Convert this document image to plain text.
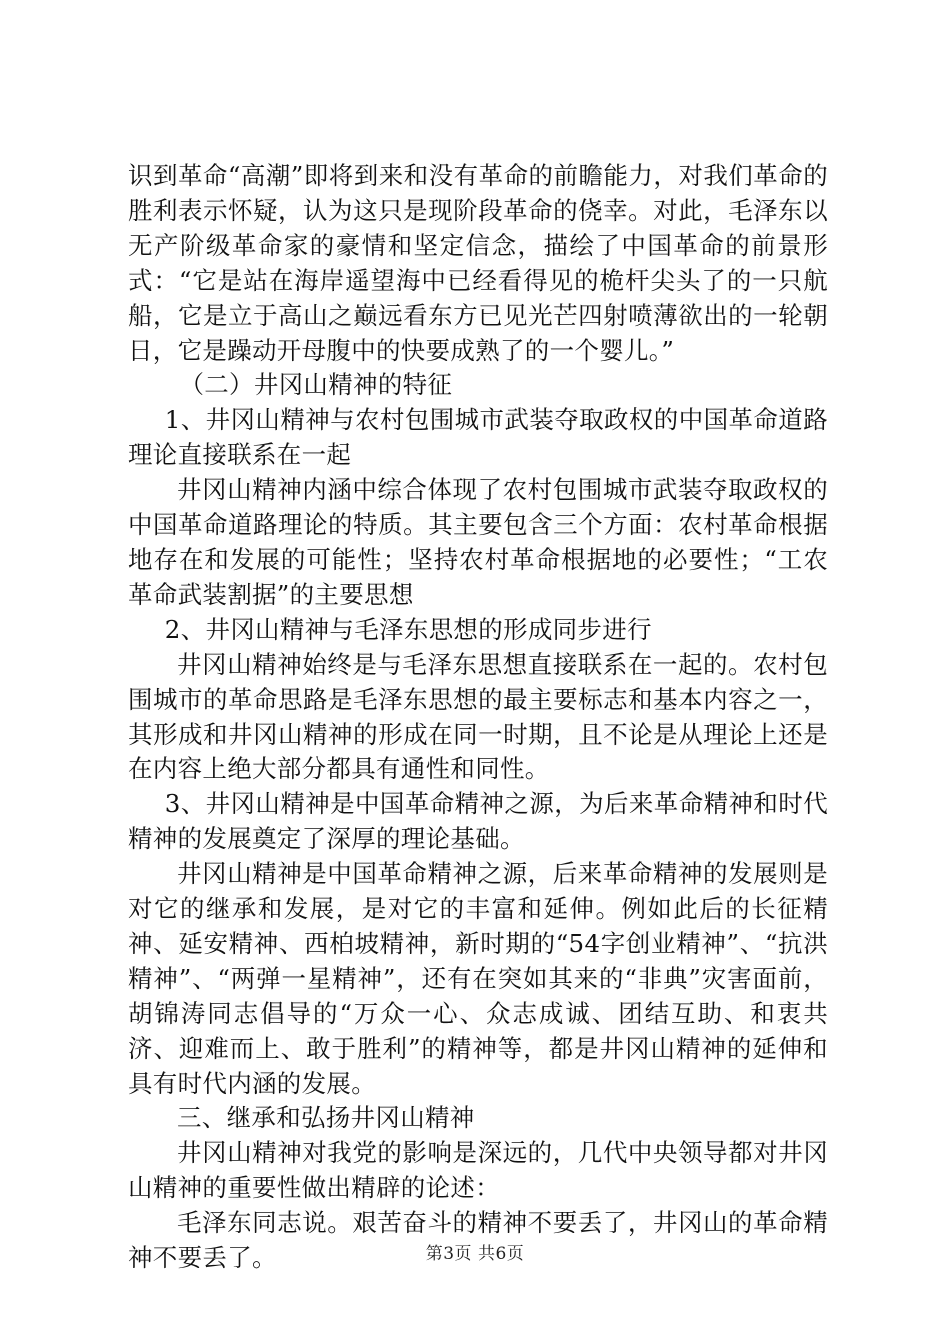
识到革命“高潮”即将到来和没有革命的前瞻能力，对我们革命的胜利表示怀疑，认为这只是现阶段革命的侥幸。对此，毛泽东以无产阶级革命家的豪情和坚定信念，描绘了中国革命的前景形式：“它是站在海岸遥望海中已经看得见的桅杆尖头了的一只航船，它是立于高山之巅远看东方已见光芒四射喷薄欲出的一轮朝日，它是躁动开母腹中的快要成熟了的一个婴儿。”

（二）井冈山精神的特征

1、井冈山精神与农村包围城市武装夺取政权的中国革命道路理论直接联系在一起

井冈山精神内涵中综合体现了农村包围城市武装夺取政权的中国革命道路理论的特质。其主要包含三个方面：农村革命根据地存在和发展的可能性；坚持农村革命根据地的必要性；“工农革命武装割据”的主要思想

2、井冈山精神与毛泽东思想的形成同步进行

井冈山精神始终是与毛泽东思想直接联系在一起的。农村包围城市的革命思路是毛泽东思想的最主要标志和基本内容之一，其形成和井冈山精神的形成在同一时期，且不论是从理论上还是在内容上绝大部分都具有通性和同性。

3、井冈山精神是中国革命精神之源，为后来革命精神和时代精神的发展奠定了深厚的理论基础。

井冈山精神是中国革命精神之源，后来革命精神的发展则是对它的继承和发展，是对它的丰富和延伸。例如此后的长征精神、延安精神、西柏坡精神，新时期的“54字创业精神”、“抗洪精神”、“两弹一星精神”，还有在突如其来的“非典”灾害面前，胡锦涛同志倡导的“万众一心、众志成诚、团结互助、和衷共济、迎难而上、敢于胜利”的精神等，都是井冈山精神的延伸和具有时代内涵的发展。

三、继承和弘扬井冈山精神

井冈山精神对我党的影响是深远的，几代中央领导都对井冈山精神的重要性做出精辟的论述：

毛泽东同志说。艰苦奋斗的精神不要丢了，井冈山的革命精神不要丢了。	第3页 共6页
